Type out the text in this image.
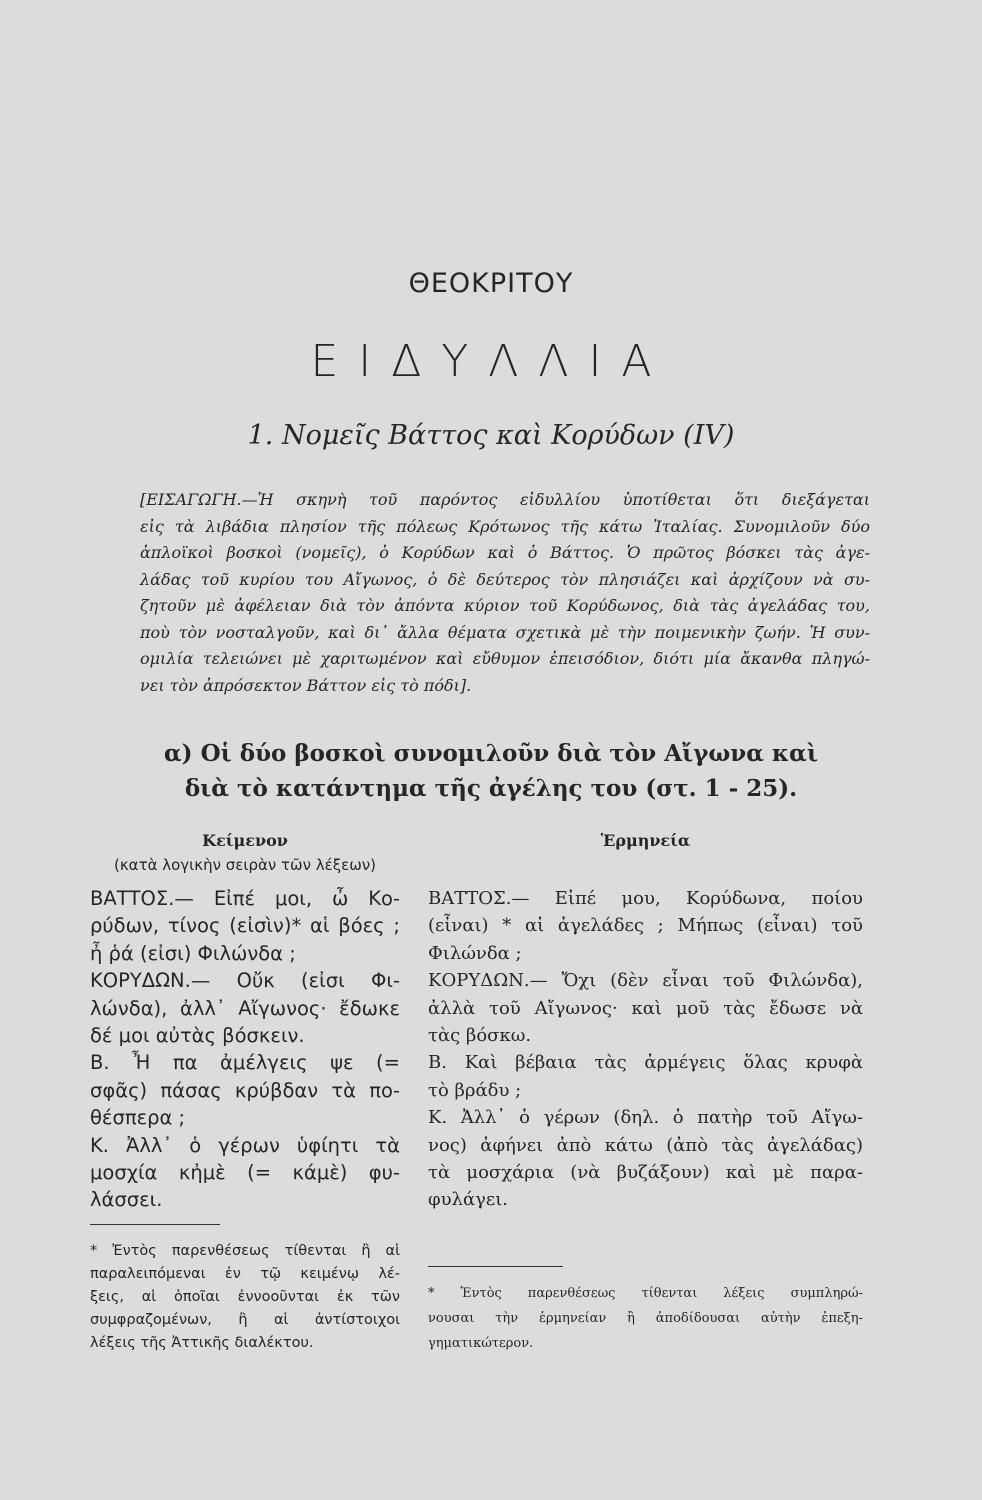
ΘΕΟΚΡΙΤΟΥ
ΕΙΔΥΛΛΙΑ
1. Νομεῖς Βάττος καὶ Κορύδων (IV)
[ΕΙΣΑΓΩΓΗ.—Ἡ σκηνὴ τοῦ παρόντος εἰδυλλίου ὑποτίθεται ὅτι διεξάγεται
εἰς τὰ λιβάδια πλησίον τῆς πόλεως Κρότωνος τῆς κάτω Ἰταλίας. Συνομιλοῦν δύο
ἁπλοϊκοὶ βοσκοὶ (νομεῖς), ὁ Κορύδων καὶ ὁ Βάττος. Ὁ πρῶτος βόσκει τὰς ἀγε-
λάδας τοῦ κυρίου του Αἴγωνος, ὁ δὲ δεύτερος τὸν πλησιάζει καὶ ἀρχίζουν νὰ συ-
ζητοῦν μὲ ἀφέλειαν διὰ τὸν ἀπόντα κύριον τοῦ Κορύδωνος, διὰ τὰς ἀγελάδας του,
ποὺ τὸν νοσταλγοῦν, καὶ δι᾽ ἄλλα θέματα σχετικὰ μὲ τὴν ποιμενικὴν ζωήν. Ἡ συν-
ομιλία τελειώνει μὲ χαριτωμένον καὶ εὔθυμον ἐπεισόδιον, διότι μία ἄκανθα πληγώ-
νει τὸν ἀπρόσεκτον Βάττον εἰς τὸ πόδι].
α) Οἱ δύο βοσκοὶ συνομιλοῦν διὰ τὸν Αἴγωνα καὶ
διὰ τὸ κατάντημα τῆς ἀγέλης του (στ. 1 - 25).
Κείμενον
(κατὰ λογικὴν σειρὰν τῶν λέξεων)
Ἑρμηνεία
ΒΑΤΤΟΣ.— Εἰπέ μοι, ὦ Κο-
ρύδων, τίνος (εἰσὶν)* αἱ βόες ;
ἦ ῥά (εἰσι) Φιλώνδα ;
ΚΟΡΥΔΩΝ.— Οὔκ (εἰσι Φι-
λώνδα), ἀλλ᾽ Αἴγωνος· ἔδωκε
δέ μοι αὐτὰς βόσκειν.
Β. Ἦ πα ἀμέλγεις ψε (=
σφᾶς) πάσας κρύβδαν τὰ πο-
θέσπερα ;
Κ. Ἀλλ᾽ ὁ γέρων ὑφίητι τὰ
μοσχία κἠμὲ (= κάμὲ) φυ-
λάσσει.
ΒΑΤΤΟΣ.— Εἰπέ μου, Κορύδωνα, ποίου
(εἶναι) * αἱ ἀγελάδες ; Μήπως (εἶναι) τοῦ
Φιλώνδα ;
ΚΟΡΥΔΩΝ.— Ὄχι (δὲν εἶναι τοῦ Φιλώνδα),
ἀλλὰ τοῦ Αἴγωνος· καὶ μοῦ τὰς ἔδωσε νὰ
τὰς βόσκω.
Β. Καὶ βέβαια τὰς ἀρμέγεις ὅλας κρυφὰ
τὸ βράδυ ;
Κ. Ἀλλ᾽ ὁ γέρων (δηλ. ὁ πατὴρ τοῦ Αἴγω-
νος) ἀφήνει ἀπὸ κάτω (ἀπὸ τὰς ἀγελάδας)
τὰ μοσχάρια (νὰ βυζάξουν) καὶ μὲ παρα-
φυλάγει.
* Ἐντὸς παρενθέσεως τίθενται ἢ αἱ
παραλειπόμεναι ἐν τῷ κειμένῳ λέ-
ξεις, αἱ ὁποῖαι ἐννοοῦνται ἐκ τῶν
συμφραζομένων, ἢ αἱ ἀντίστοιχοι
λέξεις τῆς Ἀττικῆς διαλέκτου.
* Ἐντὸς παρενθέσεως τίθενται λέξεις συμπληρώ-
νουσαι τὴν ἑρμηνείαν ἢ ἀποδίδουσαι αὐτὴν ἐπεξη-
γηματικώτερον.
